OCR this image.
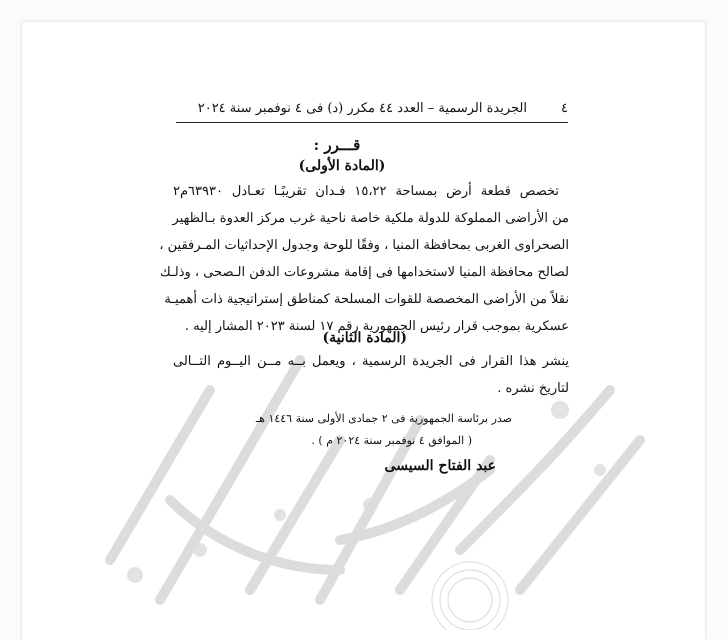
٤
الجريدة الرسمية – العدد ٤٤ مكرر (د) فى ٤ نوفمبر سنة ٢٠٢٤
قـــرر :
(المادة الأولى)
تخصص قطعة أرض بمساحة ١٥،٢٢ فـدان تقريبًـا تعـادل ٦٣٩٣٠م٢
من الأراضى المملوكة للدولة ملكية خاصة ناحية غرب مركز العدوة بـالظهير
الصحراوى الغربى بمحافظة المنيا ، وفقًا للوحة وجدول الإحداثيات المـرفقين ،
لصالح محافظة المنيا لاستخدامها فى إقامة مشروعات الدفن الـصحى ، وذلـك
نقلاً من الأراضى المخصصة للقوات المسلحة كمناطق إستراتيجية ذات أهميـة
عسكرية بموجب قرار رئيس الجمهورية رقم ١٧ لسنة ٢٠٢٣ المشار إليه .
(المادة الثانية)
ينشر هذا القرار فى الجريدة الرسمية ، ويعمل بــه مــن اليــوم التــالى
لتاريخ نشره .
صدر برئاسة الجمهورية فى ٢ جمادى الأولى سنة ١٤٤٦ هـ
( الموافق ٤ نوفمبر سنة ٢٠٢٤ م ) .
عبد الفتاح السيسى
